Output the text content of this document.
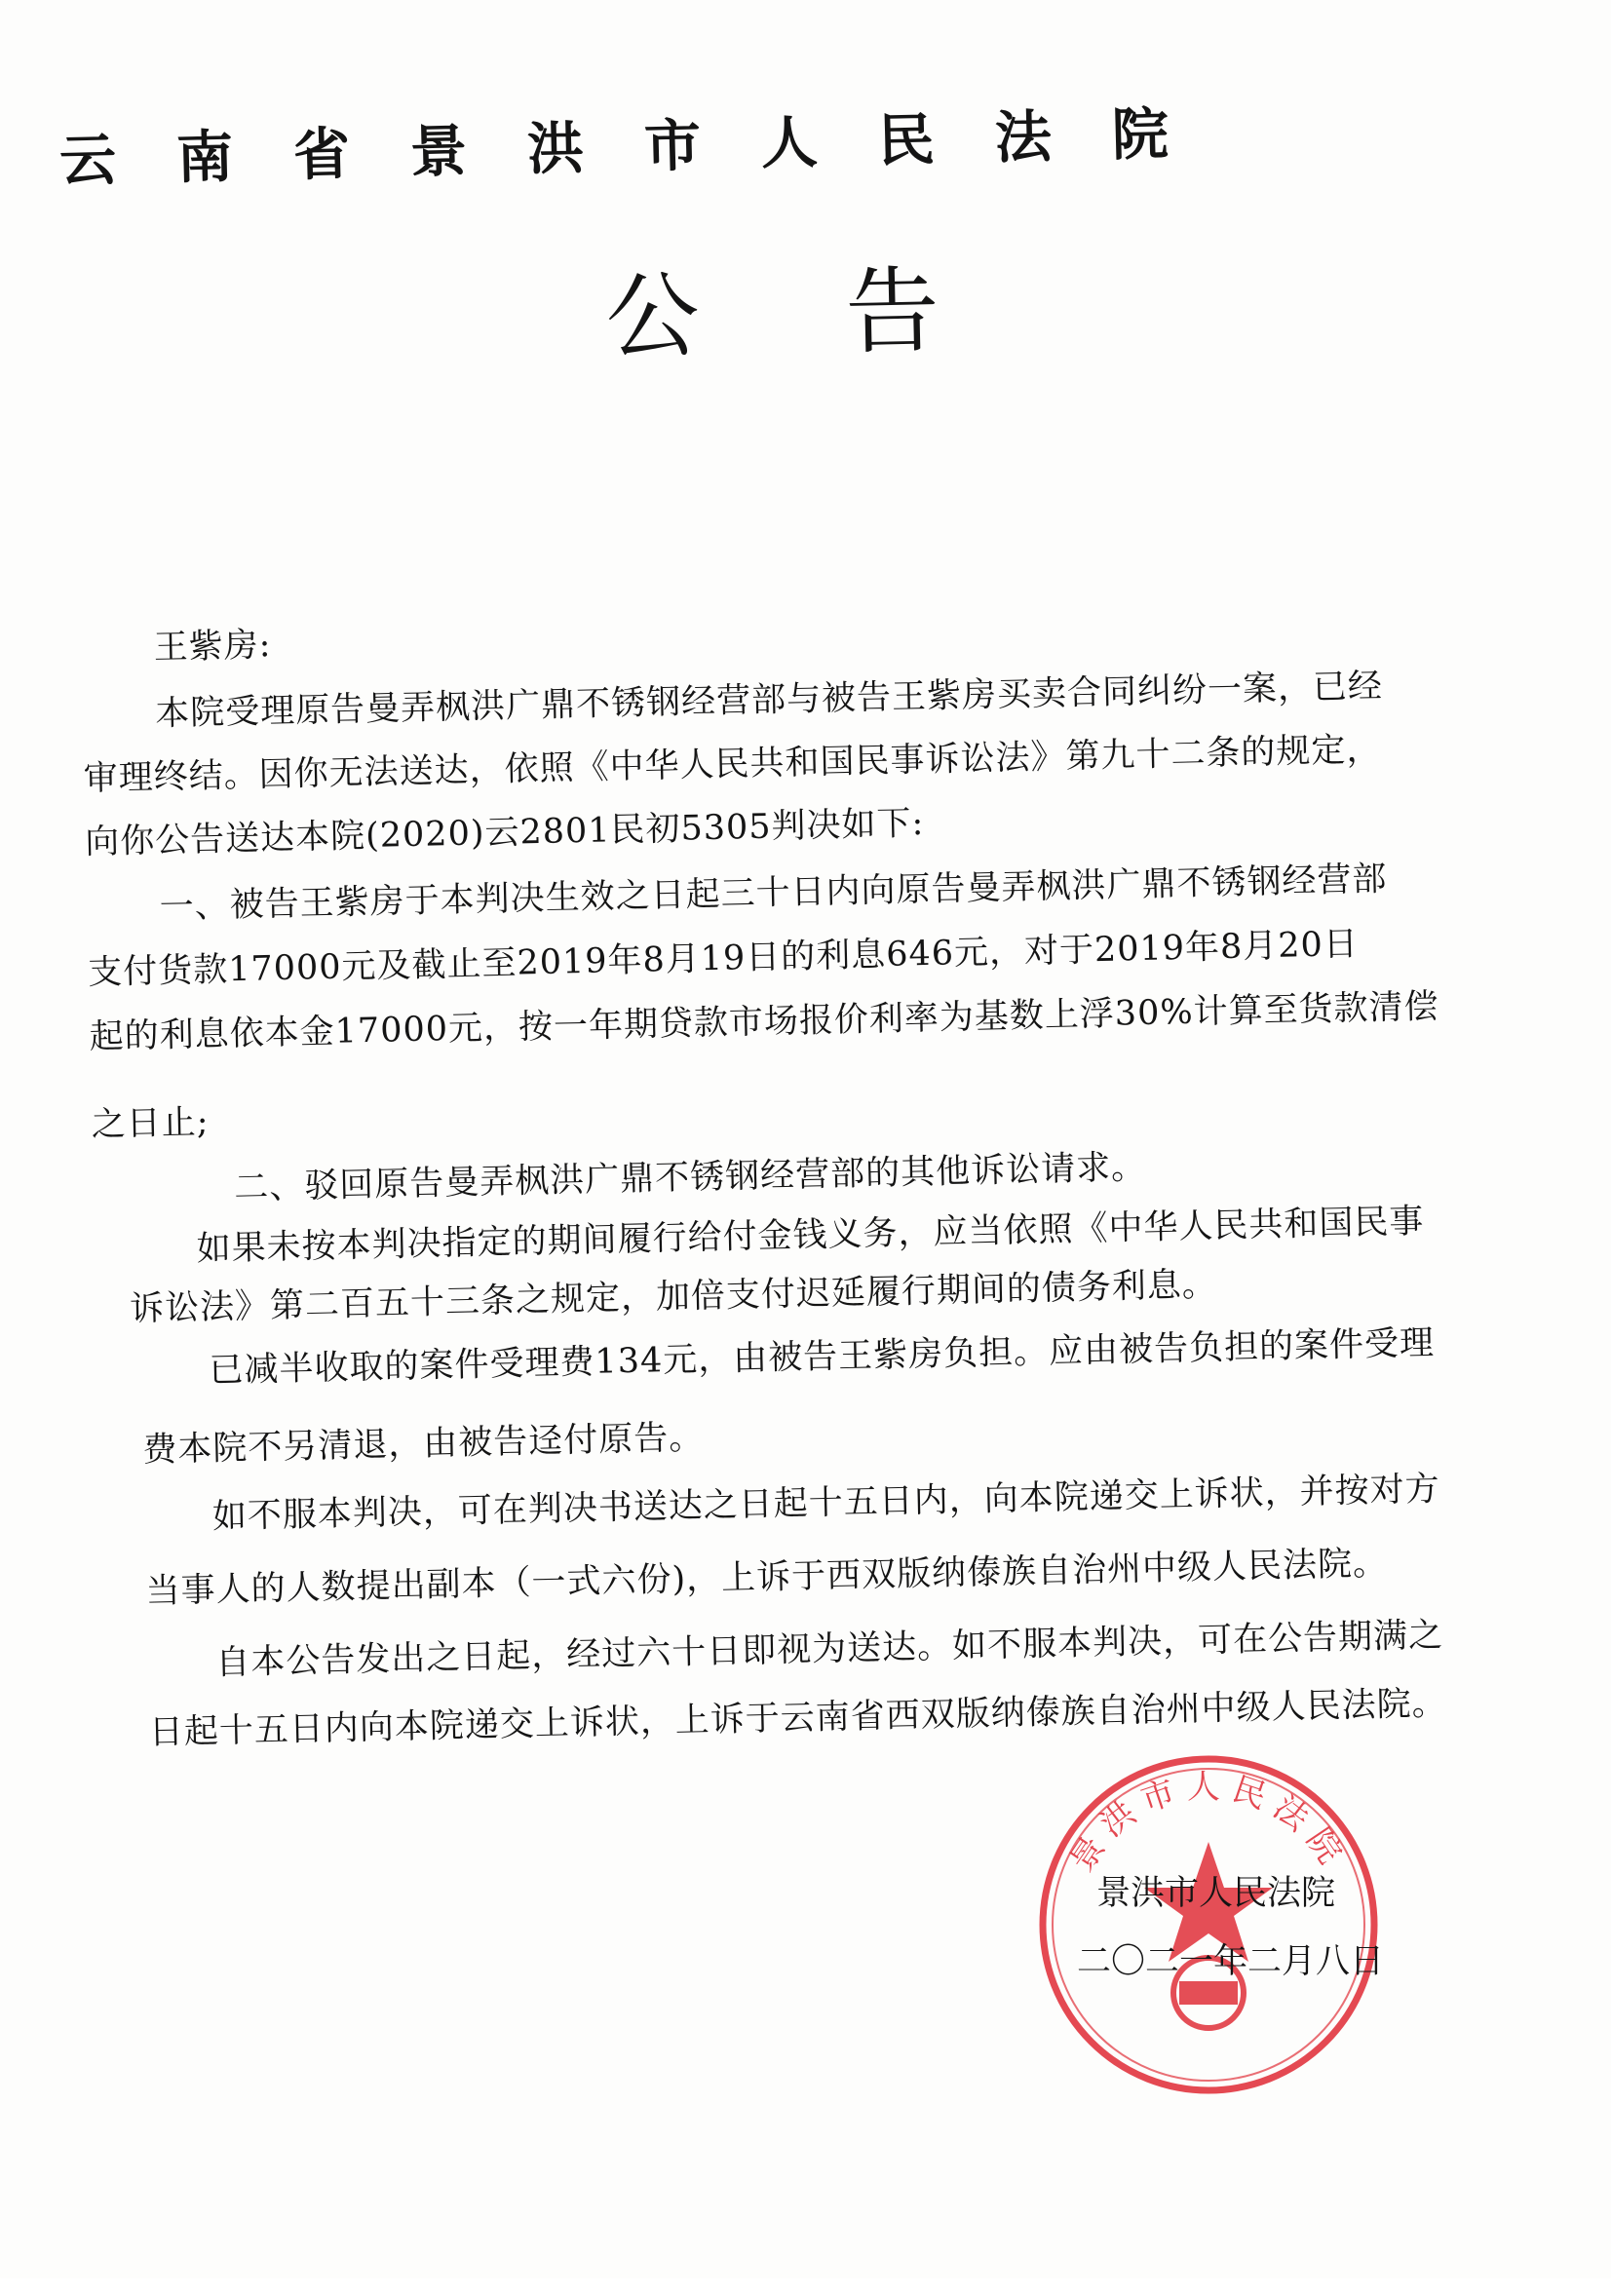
云南省景洪市人民法院
公告
王紫房:
本院受理原告曼弄枫洪广鼎不锈钢经营部与被告王紫房买卖合同纠纷一案，已经
审理终结。因你无法送达，依照《中华人民共和国民事诉讼法》第九十二条的规定，
向你公告送达本院(2020)云2801民初5305判决如下:
一、被告王紫房于本判决生效之日起三十日内向原告曼弄枫洪广鼎不锈钢经营部
支付货款17000元及截止至2019年8月19日的利息646元，对于2019年8月20日
起的利息依本金17000元，按一年期贷款市场报价利率为基数上浮30%计算至货款清偿
之日止;
二、驳回原告曼弄枫洪广鼎不锈钢经营部的其他诉讼请求。
如果未按本判决指定的期间履行给付金钱义务，应当依照《中华人民共和国民事
诉讼法》第二百五十三条之规定，加倍支付迟延履行期间的债务利息。
已减半收取的案件受理费134元，由被告王紫房负担。应由被告负担的案件受理
费本院不另清退，由被告迳付原告。
如不服本判决，可在判决书送达之日起十五日内，向本院递交上诉状，并按对方
当事人的人数提出副本（一式六份)，上诉于西双版纳傣族自治州中级人民法院。
自本公告发出之日起，经过六十日即视为送达。如不服本判决，可在公告期满之
日起十五日内向本院递交上诉状，上诉于云南省西双版纳傣族自治州中级人民法院。
景洪市人民法院
景洪市人民法院
二〇二一年二月八日
